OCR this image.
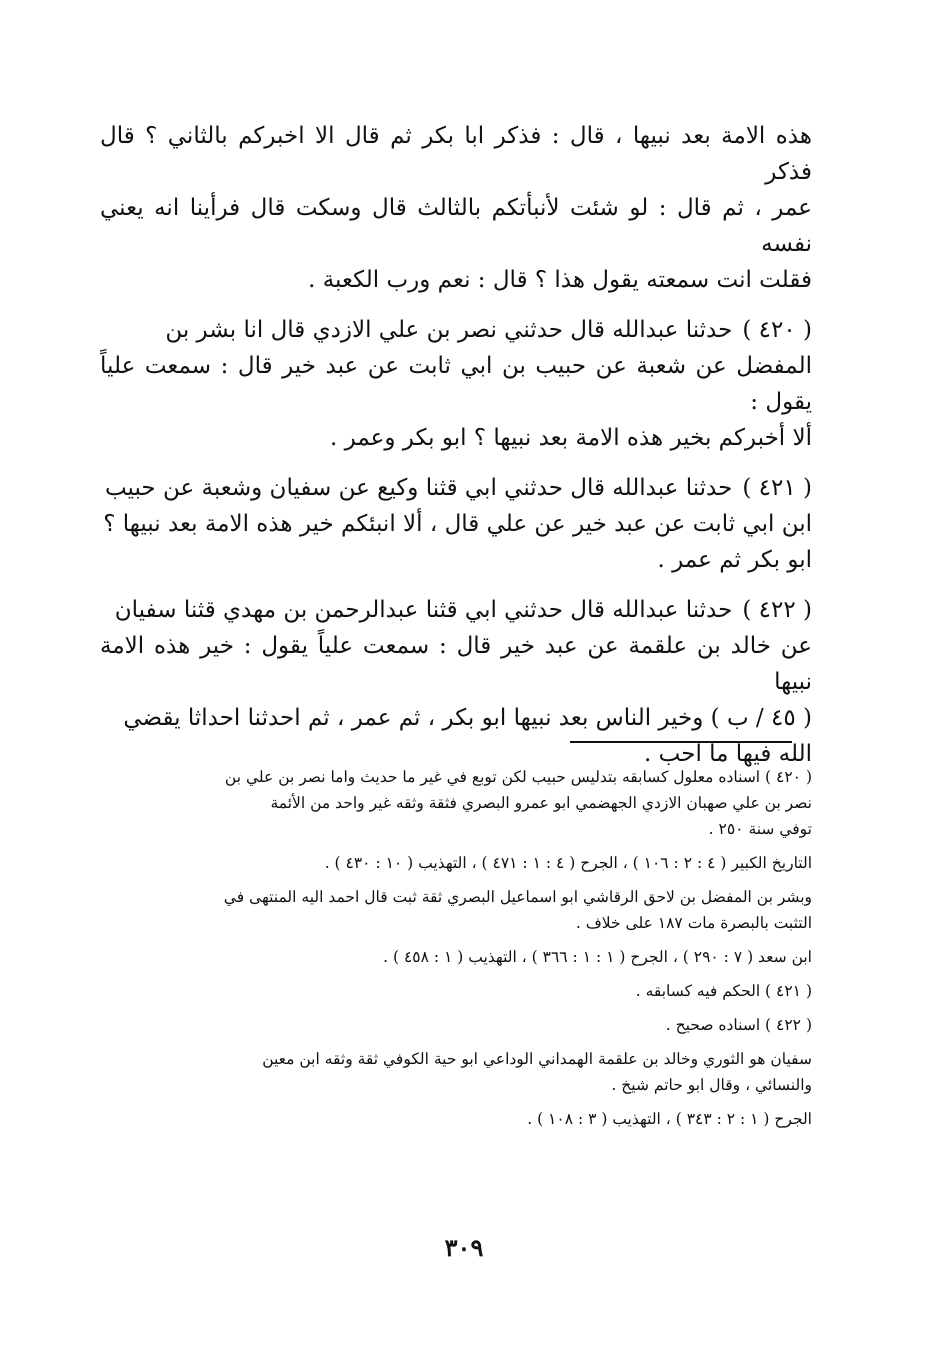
هذه الامة بعد نبيها ، قال : فذكر ابا بكر ثم قال الا اخبركم بالثاني ؟ قال فذكر

عمر ، ثم قال : لو شئت لأنبأتكم بالثالث قال وسكت قال فرأينا انه يعني نفسه

فقلت انت سمعته يقول هذا ؟ قال : نعم ورب الكعبة .

( ٤٢٠ )حدثنا عبدالله قال حدثني نصر بن علي الازدي قال انا بشر بن

المفضل عن شعبة عن حبيب بن ابي ثابت عن عبد خير قال : سمعت علياً يقول :

ألا أخبركم بخير هذه الامة بعد نبيها ؟ ابو بكر وعمر .

( ٤٢١ )حدثنا عبدالله قال حدثني ابي قثنا وكيع عن سفيان وشعبة عن حبيب

ابن ابي ثابت عن عبد خير عن علي قال ، ألا انبئكم خير هذه الامة بعد نبيها ؟

ابو بكر ثم عمر .

( ٤٢٢ )حدثنا عبدالله قال حدثني ابي قثنا عبدالرحمن بن مهدي قثنا سفيان

عن خالد بن علقمة عن عبد خير قال : سمعت علياً يقول : خير هذه الامة نبيها

( ٤٥ / ب ) وخير الناس بعد نبيها ابو بكر ، ثم عمر ، ثم احدثنا احداثا يقضي

الله فيها ما احب .

( ٤٢٠ ) اسناده معلول كسابقه بتدليس حبيب لكن توبع في غير ما حديث واما نصر بن علي بن

نصر بن علي صهبان الازدي الجهضمي ابو عمرو البصري فثقة وثقه غير واحد من الأئمة

توفي سنة ٢٥٠ .

التاريخ الكبير ( ٤ : ٢ : ١٠٦ ) ، الجرح ( ٤ : ١ : ٤٧١ ) ، التهذيب ( ١٠ : ٤٣٠ ) .

وبشر بن المفضل بن لاحق الرقاشي ابو اسماعيل البصري ثقة ثبت قال احمد اليه المنتهى في

التثبت بالبصرة مات ١٨٧ على خلاف .

ابن سعد ( ٧ : ٢٩٠ ) ، الجرح ( ١ : ١ : ٣٦٦ ) ، التهذيب ( ١ : ٤٥٨ ) .

( ٤٢١ ) الحكم فيه كسابقه .

( ٤٢٢ ) اسناده صحيح .

سفيان هو الثوري وخالد بن علقمة الهمداني الوداعي ابو حية الكوفي ثقة وثقه ابن معين

والنسائي ، وقال ابو حاتم شيخ .

الجرح ( ١ : ٢ : ٣٤٣ ) ، التهذيب ( ٣ : ١٠٨ ) .

٣٠٩
